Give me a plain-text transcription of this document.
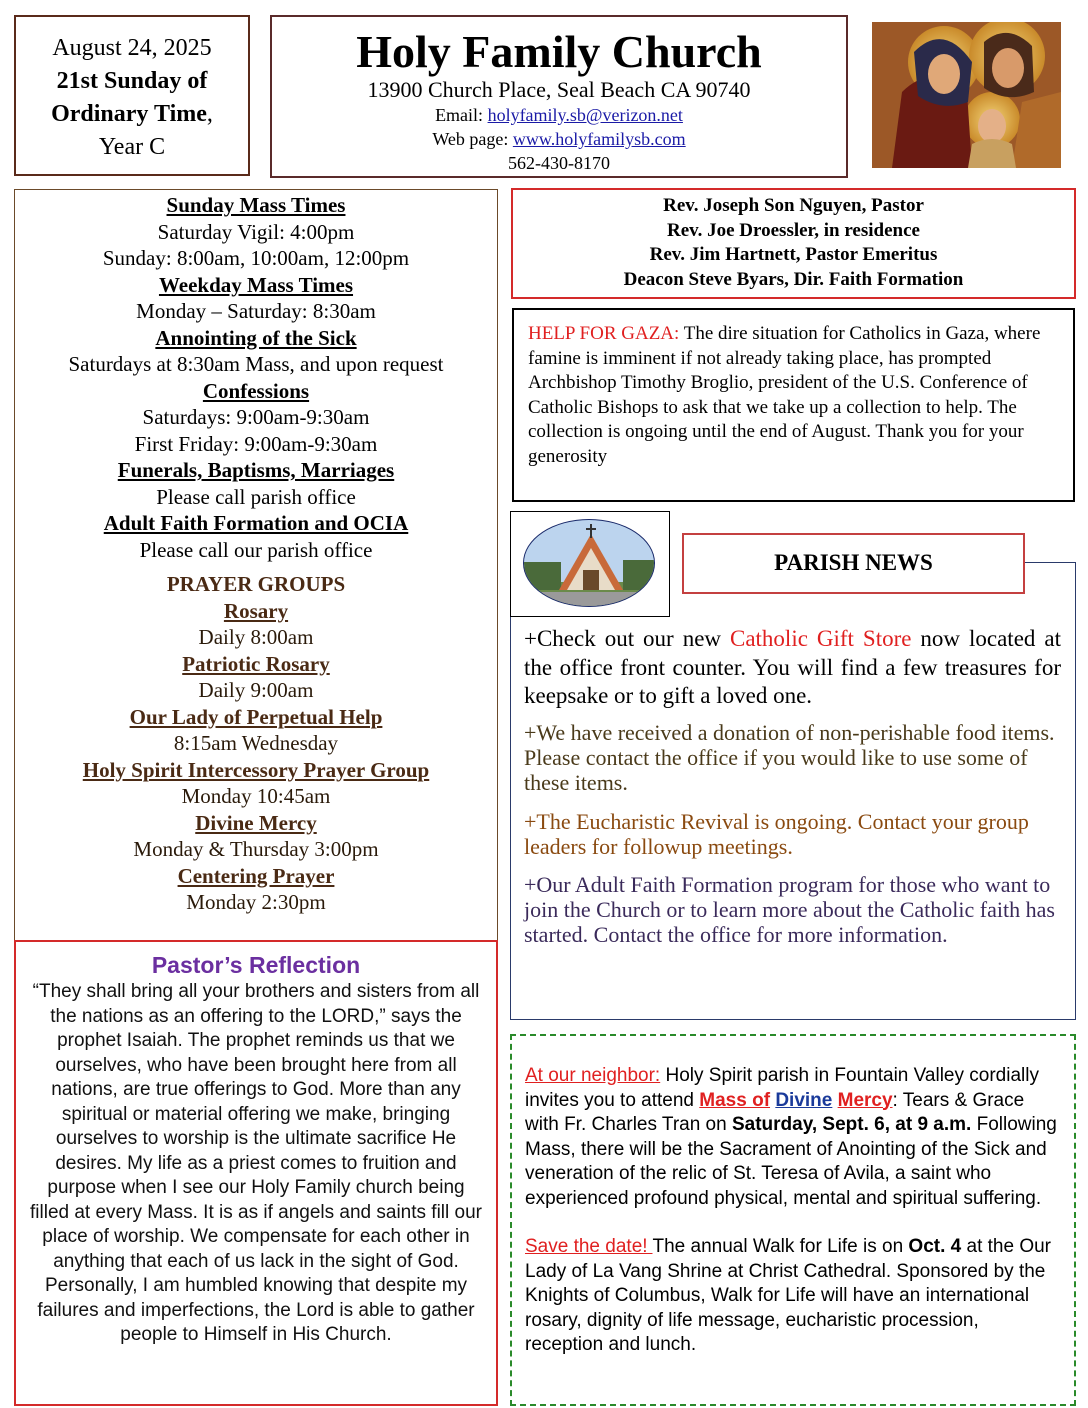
August 24, 2025
21st Sunday of
Ordinary Time,
Year C
Holy Family Church
13900 Church Place, Seal Beach CA 90740
Email: holyfamily.sb@verizon.net
Web page: www.holyfamilysb.com
562-430-8170
Sunday Mass Times
Saturday Vigil: 4:00pm
Sunday: 8:00am, 10:00am, 12:00pm
Weekday Mass Times
Monday – Saturday: 8:30am
Annointing of the Sick
Saturdays at 8:30am Mass, and upon request
Confessions
Saturdays: 9:00am-9:30am
First Friday: 9:00am-9:30am
Funerals, Baptisms, Marriages
Please call parish office
Adult Faith Formation and OCIA
Please call our parish office
PRAYER GROUPS
Rosary
Daily 8:00am
Patriotic Rosary
Daily 9:00am
Our Lady of Perpetual Help
8:15am Wednesday
Holy Spirit Intercessory Prayer Group
Monday 10:45am
Divine Mercy
Monday & Thursday 3:00pm
Centering Prayer
Monday 2:30pm
Pastor’s Reflection
“They shall bring all your brothers and sisters from all the nations as an offering to the LORD,” says the prophet Isaiah. The prophet reminds us that we ourselves, who have been brought here from all nations, are true offerings to God. More than any spiritual or material offering we make, bringing ourselves to worship is the ultimate sacrifice He desires. My life as a priest comes to fruition and purpose when I see our Holy Family church being filled at every Mass. It is as if angels and saints fill our place of worship. We compensate for each other in anything that each of us lack in the sight of God. Personally, I am humbled knowing that despite my failures and imperfections, the Lord is able to gather people to Himself in His Church.
Rev. Joseph Son Nguyen, Pastor
Rev. Joe Droessler, in residence
Rev. Jim Hartnett, Pastor Emeritus
Deacon Steve Byars, Dir. Faith Formation
HELP FOR GAZA: The dire situation for Catholics in Gaza, where famine is imminent if not already taking place, has prompted Archbishop Timothy Broglio, president of the U.S. Conference of Catholic Bishops to ask that we take up a collection to help. The collection is ongoing until the end of August. Thank you for your generosity
PARISH NEWS
+Check out our new Catholic Gift Store now located at the office front counter. You will find a few treasures for keepsake or to gift a loved one.
+We have received a donation of non-perishable food items. Please contact the office if you would like to use some of these items.
+The Eucharistic Revival is ongoing. Contact your group leaders for followup meetings.
+Our Adult Faith Formation program for those who want to join the Church or to learn more about the Catholic faith has started. Contact the office for more information.

At our neighbor: Holy Spirit parish in Fountain Valley cordially invites you to attend Mass of Divine Mercy: Tears & Grace with Fr. Charles Tran on Saturday, Sept. 6, at 9 a.m. Following Mass, there will be the Sacrament of Anointing of the Sick and veneration of the relic of St. Teresa of Avila, a saint who experienced profound physical, mental and spiritual suffering.

Save the date! The annual Walk for Life is on Oct. 4 at the Our Lady of La Vang Shrine at Christ Cathedral. Sponsored by the Knights of Columbus, Walk for Life will have an international rosary, dignity of life message, eucharistic procession, reception and lunch.
